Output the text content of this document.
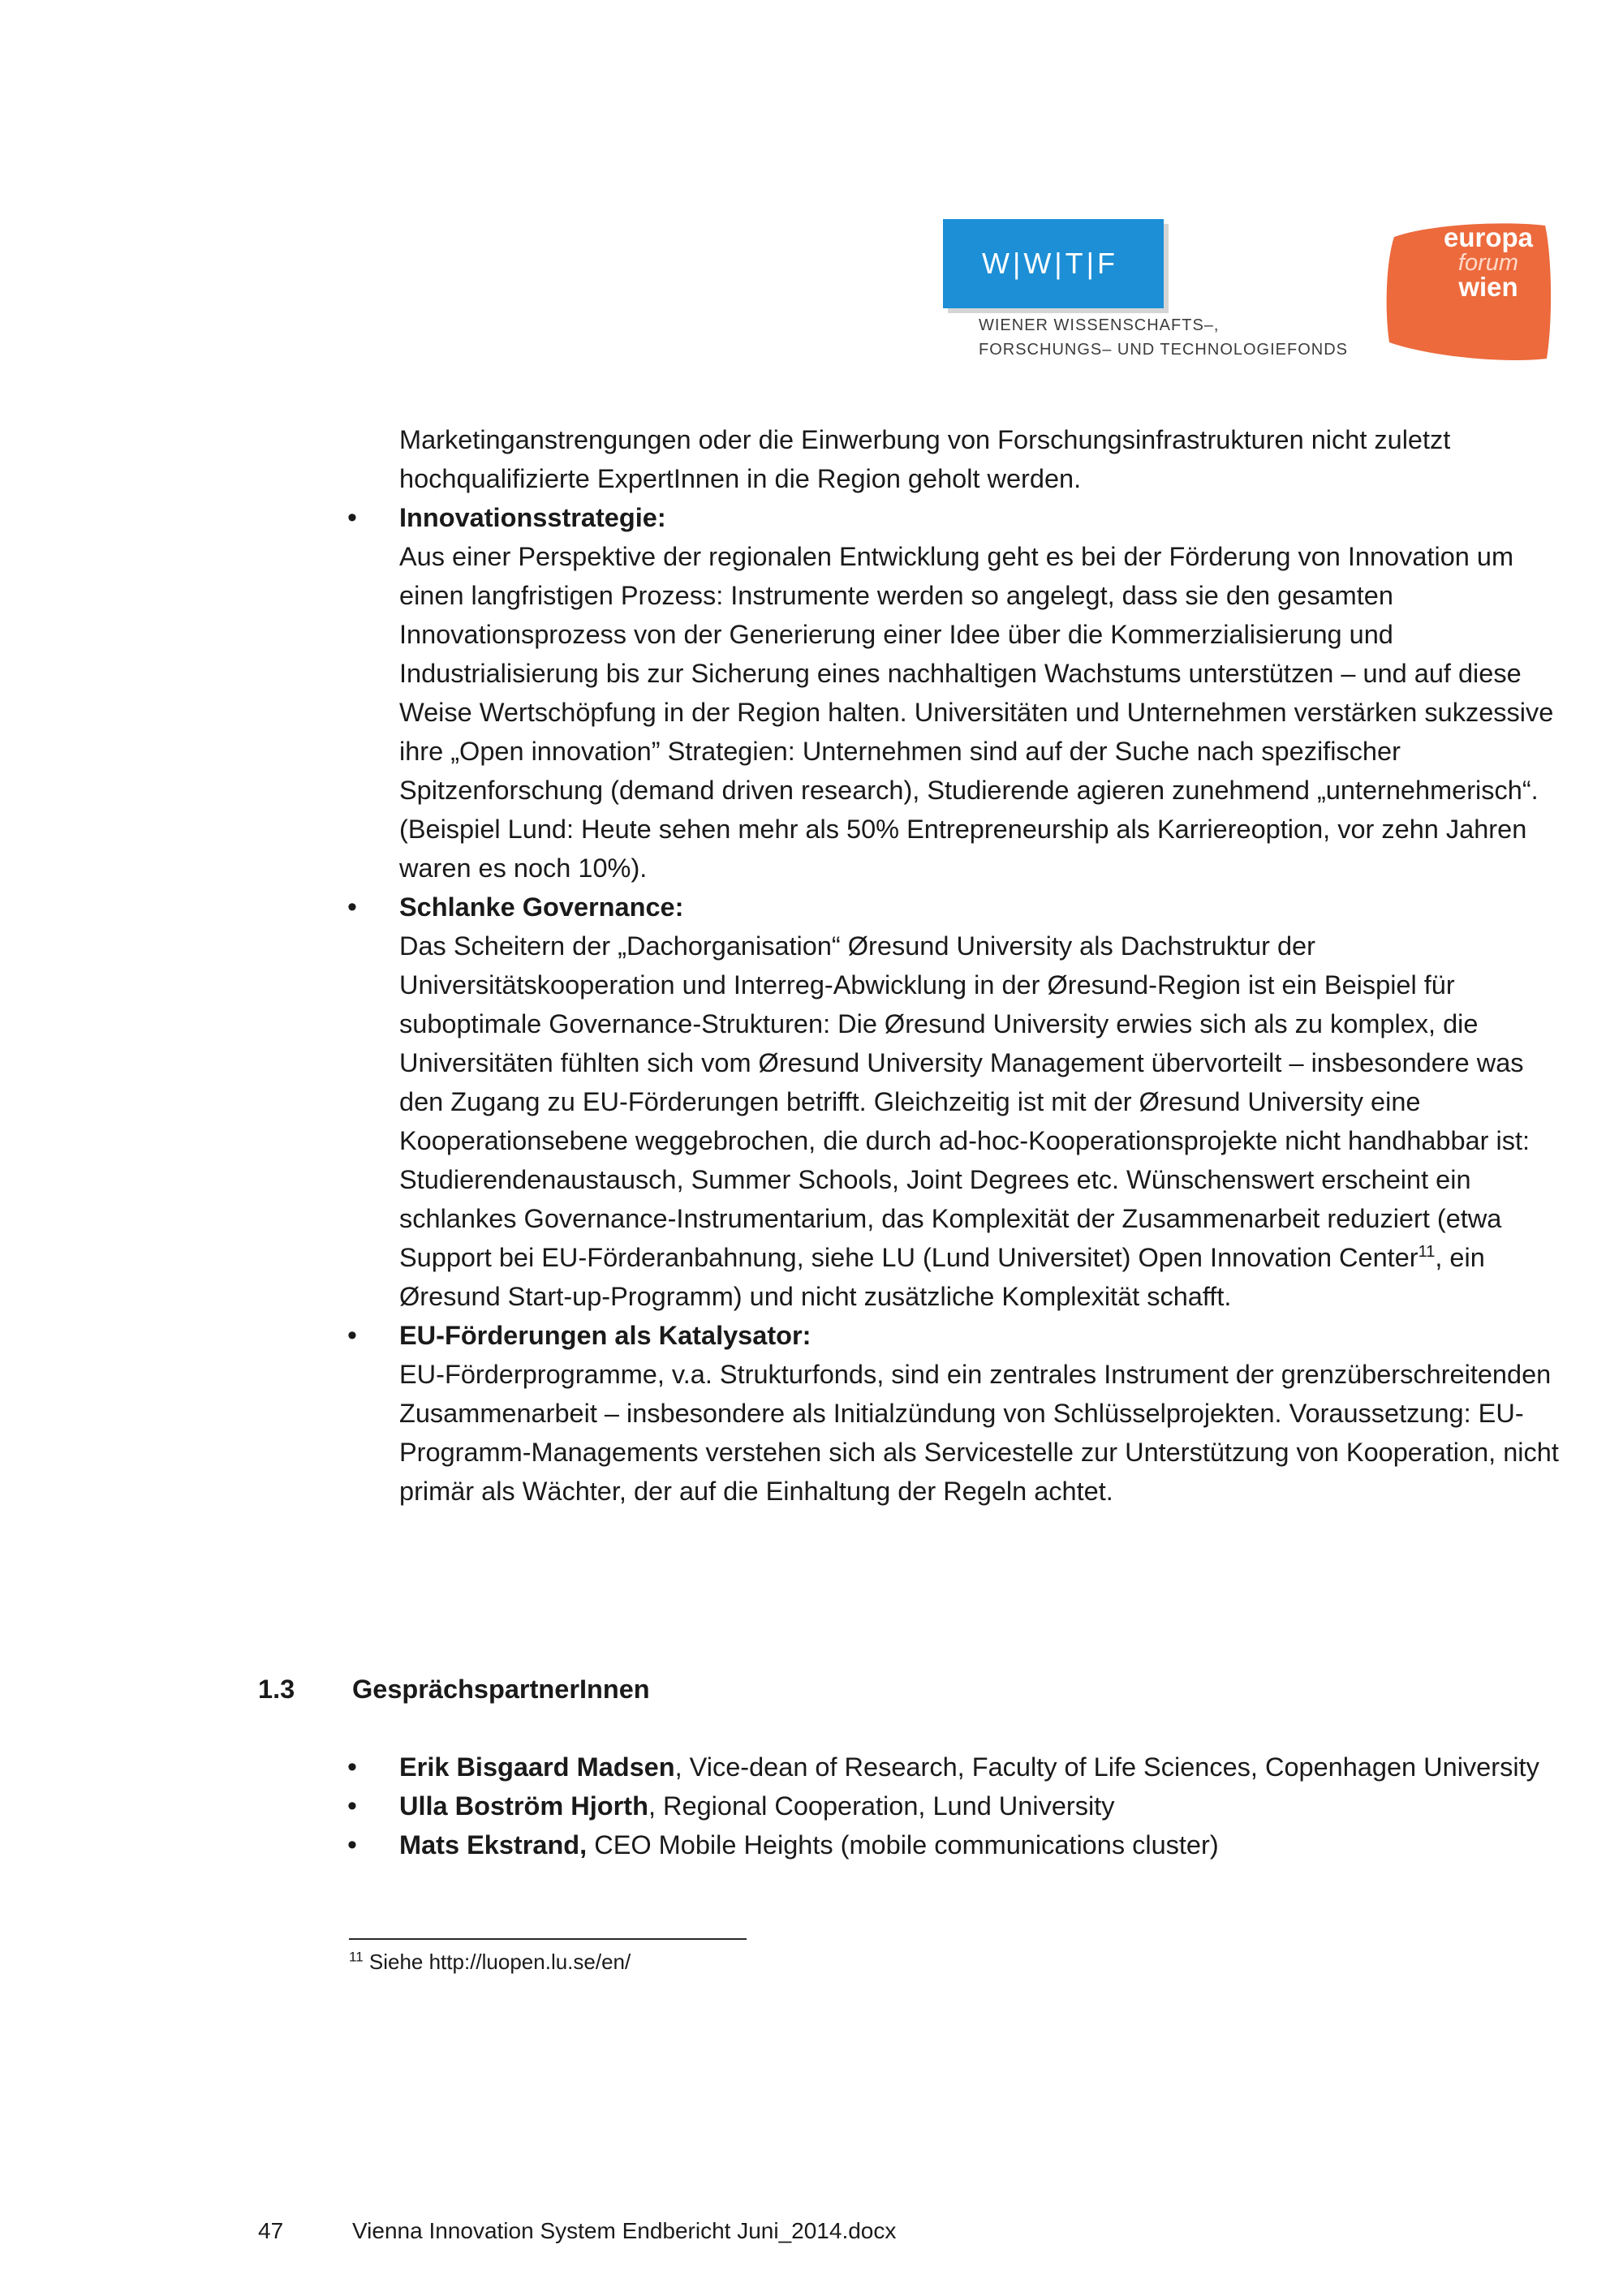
W|W|T|F
WIENER WISSENSCHAFTS–,
FORSCHUNGS– UND TECHNOLOGIEFONDS
europa
forum
wien

Marketinganstrengungen oder die Einwerbung von Forschungsinfrastrukturen nicht zuletzt hochqualifizierte ExpertInnen in die Region geholt werden.

• Innovationsstrategie:

Aus einer Perspektive der regionalen Entwicklung geht es bei der Förderung von Innovation um einen langfristigen Prozess: Instrumente werden so angelegt, dass sie den gesamten Innovationsprozess von der Generierung einer Idee über die Kommerzialisierung und Industrialisierung bis zur Sicherung eines nachhaltigen Wachstums unterstützen – und auf diese Weise Wertschöpfung in der Region halten. Universitäten und Unternehmen verstärken sukzessive ihre „Open innovation” Strategien: Unternehmen sind auf der Suche nach spezifischer Spitzenforschung (demand driven research), Studierende agieren zunehmend „unternehmerisch“. (Beispiel Lund: Heute sehen mehr als 50% Entrepreneurship als Karriereoption, vor zehn Jahren waren es noch 10%).

• Schlanke Governance:

Das Scheitern der „Dachorganisation“ Øresund University als Dachstruktur der Universitätskooperation und Interreg-Abwicklung in der Øresund-Region ist ein Beispiel für suboptimale Governance-Strukturen: Die Øresund University erwies sich als zu komplex, die Universitäten fühlten sich vom Øresund University Management übervorteilt – insbesondere was den Zugang zu EU-Förderungen betrifft. Gleichzeitig ist mit der Øresund University eine Kooperationsebene weggebrochen, die durch ad-hoc-Kooperationsprojekte nicht handhabbar ist: Studierendenaustausch, Summer Schools, Joint Degrees etc. Wünschenswert erscheint ein schlankes Governance-Instrumentarium, das Komplexität der Zusammenarbeit reduziert (etwa Support bei EU-Förderanbahnung, siehe LU (Lund Universitet) Open Innovation Center$^{11}$, ein Øresund Start-up-Programm) und nicht zusätzliche Komplexität schafft.

• EU-Förderungen als Katalysator:

EU-Förderprogramme, v.a. Strukturfonds, sind ein zentrales Instrument der grenzüberschreitenden Zusammenarbeit – insbesondere als Initialzündung von Schlüsselprojekten. Voraussetzung: EU-Programm-Managements verstehen sich als Servicestelle zur Unterstützung von Kooperation, nicht primär als Wächter, der auf die Einhaltung der Regeln achtet.

1.3	GesprächspartnerInnen

• Erik Bisgaard Madsen, Vice-dean of Research, Faculty of Life Sciences, Copenhagen University

• Ulla Boström Hjorth, Regional Cooperation, Lund University

• Mats Ekstrand, CEO Mobile Heights (mobile communications cluster)

$^{11}$ Siehe http://luopen.lu.se/en/
47	Vienna Innovation System Endbericht Juni_2014.docx
